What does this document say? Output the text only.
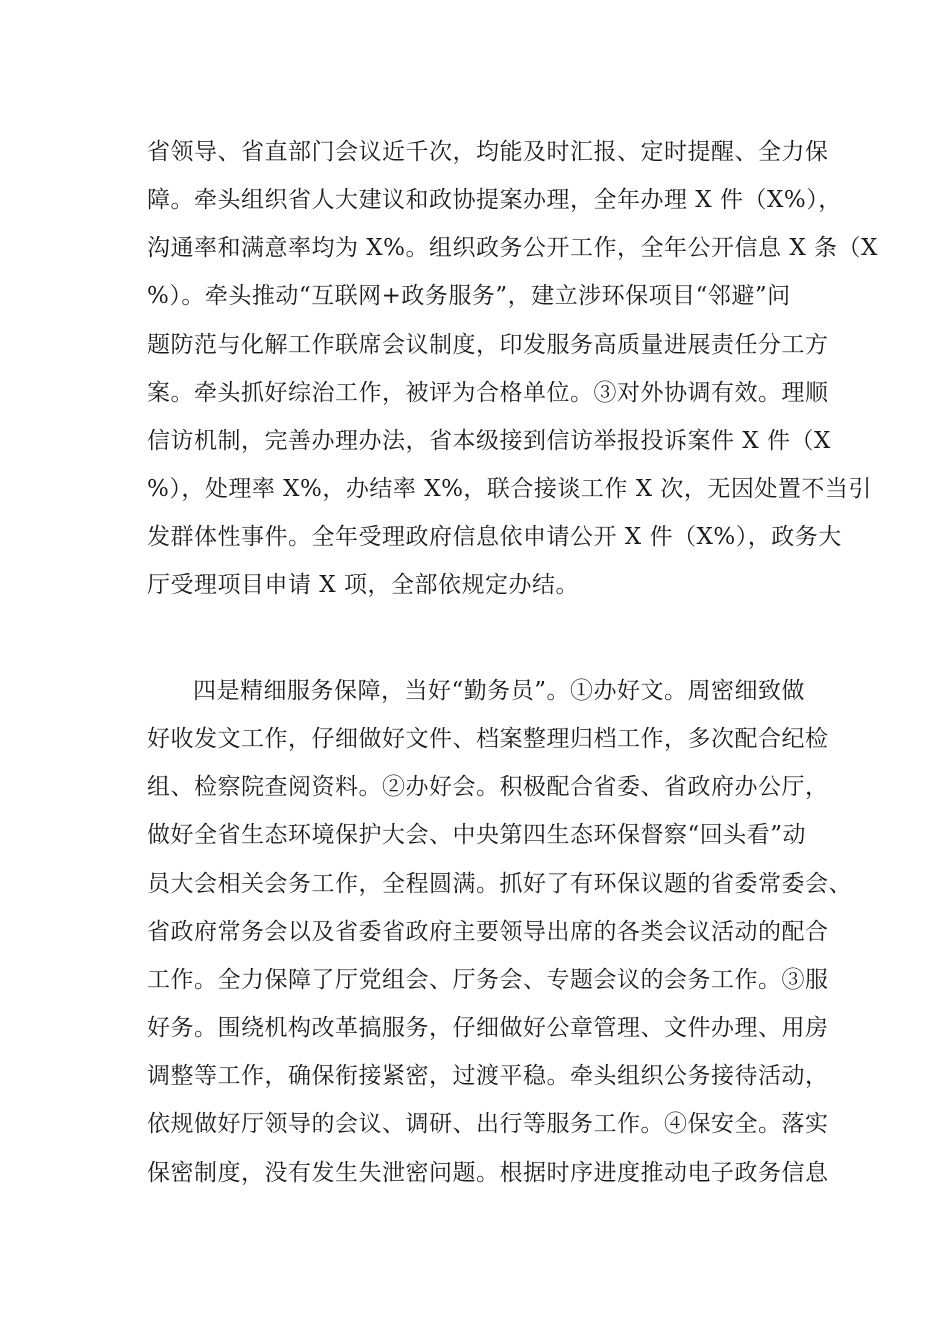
省领导、省直部门会议近千次，均能及时汇报、定时提醒、全力保
障。牵头组织省人大建议和政协提案办理，全年办理 X 件（X%），
沟通率和满意率均为 X%。组织政务公开工作，全年公开信息 X 条（X
%）。牵头推动“互联网+政务服务”，建立涉环保项目“邻避”问
题防范与化解工作联席会议制度，印发服务高质量进展责任分工方
案。牵头抓好综治工作，被评为合格单位。③对外协调有效。理顺
信访机制，完善办理办法，省本级接到信访举报投诉案件 X 件（X
%），处理率 X%，办结率 X%，联合接谈工作 X 次，无因处置不当引
发群体性事件。全年受理政府信息依申请公开 X 件（X%），政务大
厅受理项目申请 X 项，全部依规定办结。
四是精细服务保障，当好“勤务员”。①办好文。周密细致做
好收发文工作，仔细做好文件、档案整理归档工作，多次配合纪检
组、检察院查阅资料。②办好会。积极配合省委、省政府办公厅，
做好全省生态环境保护大会、中央第四生态环保督察“回头看”动
员大会相关会务工作，全程圆满。抓好了有环保议题的省委常委会、
省政府常务会以及省委省政府主要领导出席的各类会议活动的配合
工作。全力保障了厅党组会、厅务会、专题会议的会务工作。③服
好务。围绕机构改革搞服务，仔细做好公章管理、文件办理、用房
调整等工作，确保衔接紧密，过渡平稳。牵头组织公务接待活动，
依规做好厅领导的会议、调研、出行等服务工作。④保安全。落实
保密制度，没有发生失泄密问题。根据时序进度推动电子政务信息
